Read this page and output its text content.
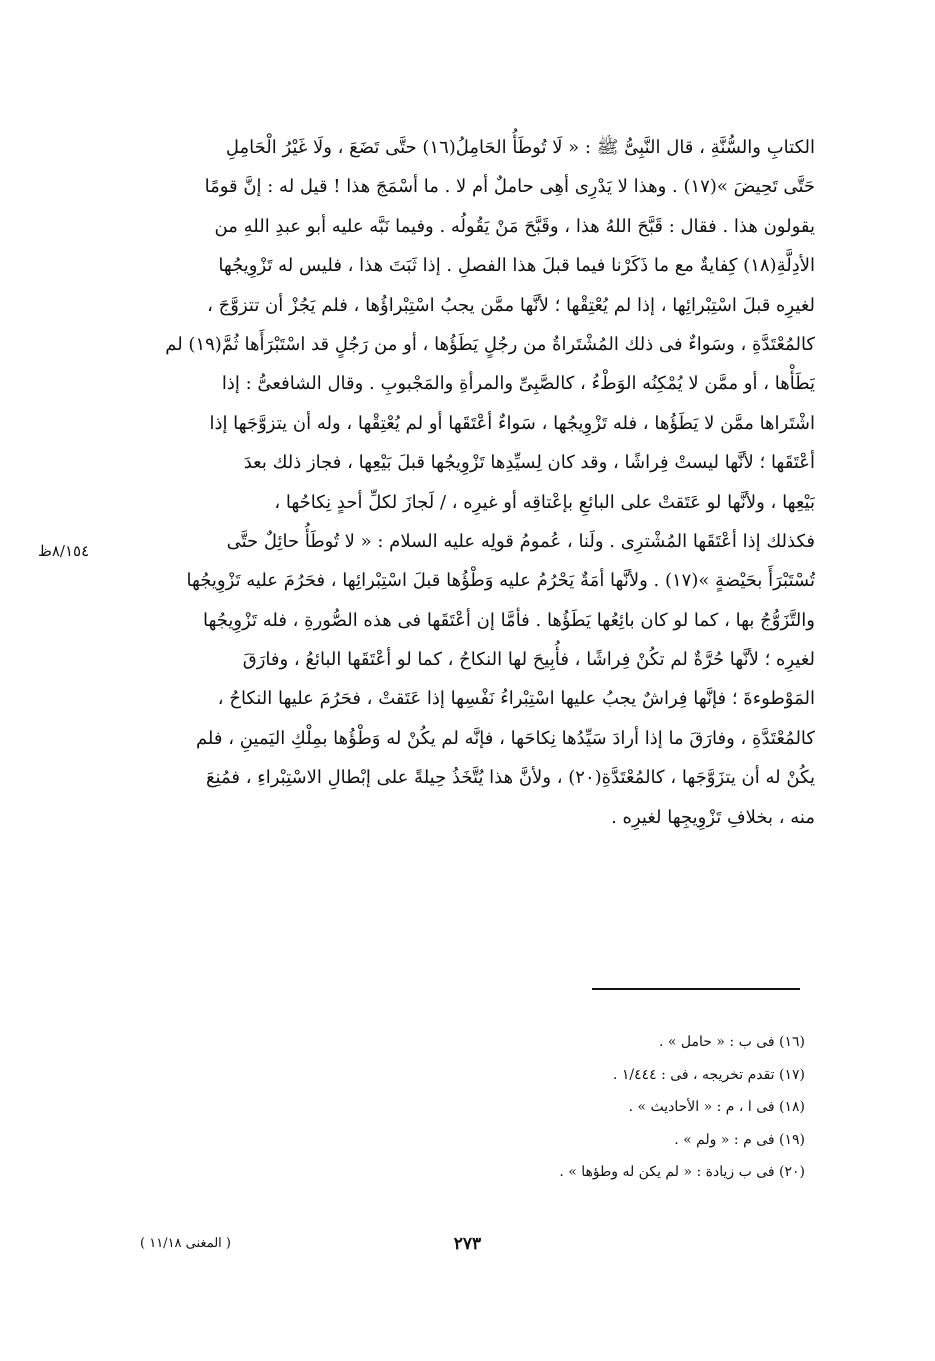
الكتابِ والسُّنَّةِ ، قال النَّبِىُّ ﷺ : « لَا تُوطَأُ الحَامِلُ(١٦) حتَّى تَضَعَ ، ولَا غَيْرُ الْحَامِلِ
حَتَّى تَحِيضَ »(١٧) . وهذا لا يَدْرِى أهِى حاملٌ أم لا . ما أسْمَجَ هذا ! قيل له : إنَّ قومًا
يقولون هذا . فقال : قَبَّحَ اللهُ هذا ، وقَبَّحَ مَنْ يَقُولُه . وفيما نَبَّه عليه أبو عبدِ اللهِ من
الأدِلَّةِ(١٨) كِفايةٌ مع ما ذَكَرْنا فيما قبلَ هذا الفصلِ . إذا ثَبَتَ هذا ، فليس له تَزْوِيجُها
لغيرِه قبلَ اسْتِبْرائِها ، إذا لم يُعْتِقْها ؛ لأنَّها ممَّن يجبُ اسْتِبْراؤُها ، فلم يَجُزْ أن تتزوَّجَ ،
كالمُعْتَدَّةِ ، وسَواءٌ فى ذلك المُشْتَراةُ من رجُلٍ يَطَؤُها ، أو من رَجُلٍ قد اسْتَبْرَأَها ثُمَّ(١٩) لم
يَطَأْها ، أو ممَّن لا يُمْكِنُه الوَطْءُ ، كالصَّبِىِّ والمرأةِ والمَجْبوبِ . وقال الشافعىُّ : إذا
اشْتَراها ممَّن لا يَطَؤُها ، فله تَزْوِيجُها ، سَواءٌ أعْتَقَها أو لم يُعْتِقْها ، وله أن يتزوَّجَها إذا
أعْتَقَها ؛ لأنَّها ليستْ فِراشًا ، وقد كان لِسيِّدِها تَزْوِيجُها قبلَ بَيْعِها ، فجاز ذلك بعدَ
بَيْعِها ، ولأنَّها لو عَتَقتْ على البائعِ بإعْتاقِه أو غيرِه ، / لَجازَ لكلِّ أحدٍ نِكاحُها ،
فكذلك إذا أعْتَقَها المُشْترِى . ولَنا ، عُمومُ قولِه عليه السلام : « لا تُوطَأُ حائِلٌ حتَّى
تُسْتَبْرَأَ بحَيْضةٍ »(١٧) . ولأنَّها أمَةٌ يَحْرُمُ عليه وَطْؤُها قبلَ اسْتِبْرائِها ، فحَرُمَ عليه تَزْوِيجُها
والتَّزَوُّجُ بها ، كما لو كان بائِعُها يَطَؤُها . فأمَّا إن أعْتَقَها فى هذه الصُّورةِ ، فله تَزْوِيجُها
لغيرِه ؛ لأنَّها حُرَّةٌ لم تكُنْ فِراشًا ، فأُبِيحَ لها النكاحُ ، كما لو أعْتَقَها البائعُ ، وفارَقَ
المَوْطوءةَ ؛ فإنَّها فِراشٌ يجبُ عليها اسْتِبْراءُ نَفْسِها إذا عَتَقتْ ، فحَرُمَ عليها النكاحُ ،
كالمُعْتَدَّةِ ، وفارَقَ ما إذا أرادَ سَيِّدُها نِكاحَها ، فإنَّه لم يكُنْ له وَطْؤُها بمِلْكِ اليَمينِ ، فلم
يكُنْ له أن يتزَوَّجَها ، كالمُعْتَدَّةِ(٢٠) ، ولأنَّ هذا يُتَّخَذُ حِيلةً على إبْطالِ الاسْتِبْراءِ ، فمُنِعَ
منه ، بخلافِ تَزْوِيجِها لغيرِه .
٨/١٥٤ظ
(١٦) فى ب : « حامل » .
(١٧) تقدم تخريجه ، فى : ١/٤٤٤ .
(١٨) فى ا ، م : « الأحاديث » .
(١٩) فى م : « ولم » .
(٢٠) فى ب زيادة : « لم يكن له وطؤها » .
٢٧٣
( المغنى ١١/١٨ )
